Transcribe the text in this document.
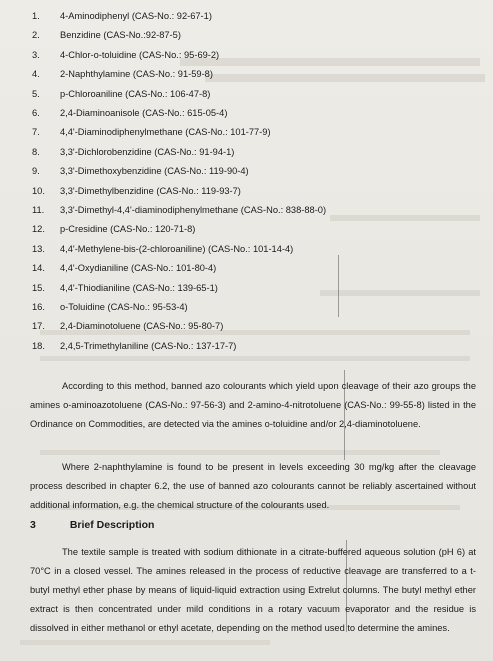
1.	4-Aminodiphenyl (CAS-No.: 92-67-1)
2.	Benzidine (CAS-No.:92-87-5)
3.	4-Chlor-o-toluidine (CAS-No.: 95-69-2)
4.	2-Naphthylamine (CAS-No.: 91-59-8)
5.	p-Chloroaniline (CAS-No.: 106-47-8)
6.	2,4-Diaminoanisole (CAS-No.: 615-05-4)
7.	4,4'-Diaminodiphenylmethane (CAS-No.: 101-77-9)
8.	3,3'-Dichlorobenzidine (CAS-No.: 91-94-1)
9.	3,3'-Dimethoxybenzidine (CAS-No.: 119-90-4)
10.	3,3'-Dimethylbenzidine (CAS-No.: 119-93-7)
11.	3,3'-Dimethyl-4,4'-diaminodiphenylmethane (CAS-No.: 838-88-0)
12.	p-Cresidine (CAS-No.: 120-71-8)
13.	4,4'-Methylene-bis-(2-chloroaniline) (CAS-No.: 101-14-4)
14.	4,4'-Oxydianiline (CAS-No.: 101-80-4)
15.	4,4'-Thiodianiline (CAS-No.: 139-65-1)
16.	o-Toluidine (CAS-No.: 95-53-4)
17.	2,4-Diaminotoluene (CAS-No.: 95-80-7)
18.	2,4,5-Trimethylaniline (CAS-No.: 137-17-7)

According to this method, banned azo colourants which yield upon cleavage of their azo groups the amines o-aminoazotoluene (CAS-No.: 97-56-3) and 2-amino-4-nitrotoluene (CAS-No.: 99-55-8) listed in the Ordinance on Commodities, are detected via the amines o-toluidine and/or 2,4-diaminotoluene.

Where 2-naphthylamine is found to be present in levels exceeding 30 mg/kg after the cleavage process described in chapter 6.2, the use of banned azo colourants cannot be reliably ascertained without additional information, e.g. the chemical structure of the colourants used.

3	Brief Description

The textile sample is treated with sodium dithionate in a citrate-buffered aqueous solution (pH 6) at 70°C in a closed vessel. The amines released in the process of reductive cleavage are transferred to a t-butyl methyl ether phase by means of liquid-liquid extraction using Extrelut columns. The butyl methyl ether extract is then concentrated under mild conditions in a rotary vacuum evaporator and the residue is dissolved in either methanol or ethyl acetate, depending on the method used to determine the amines.
